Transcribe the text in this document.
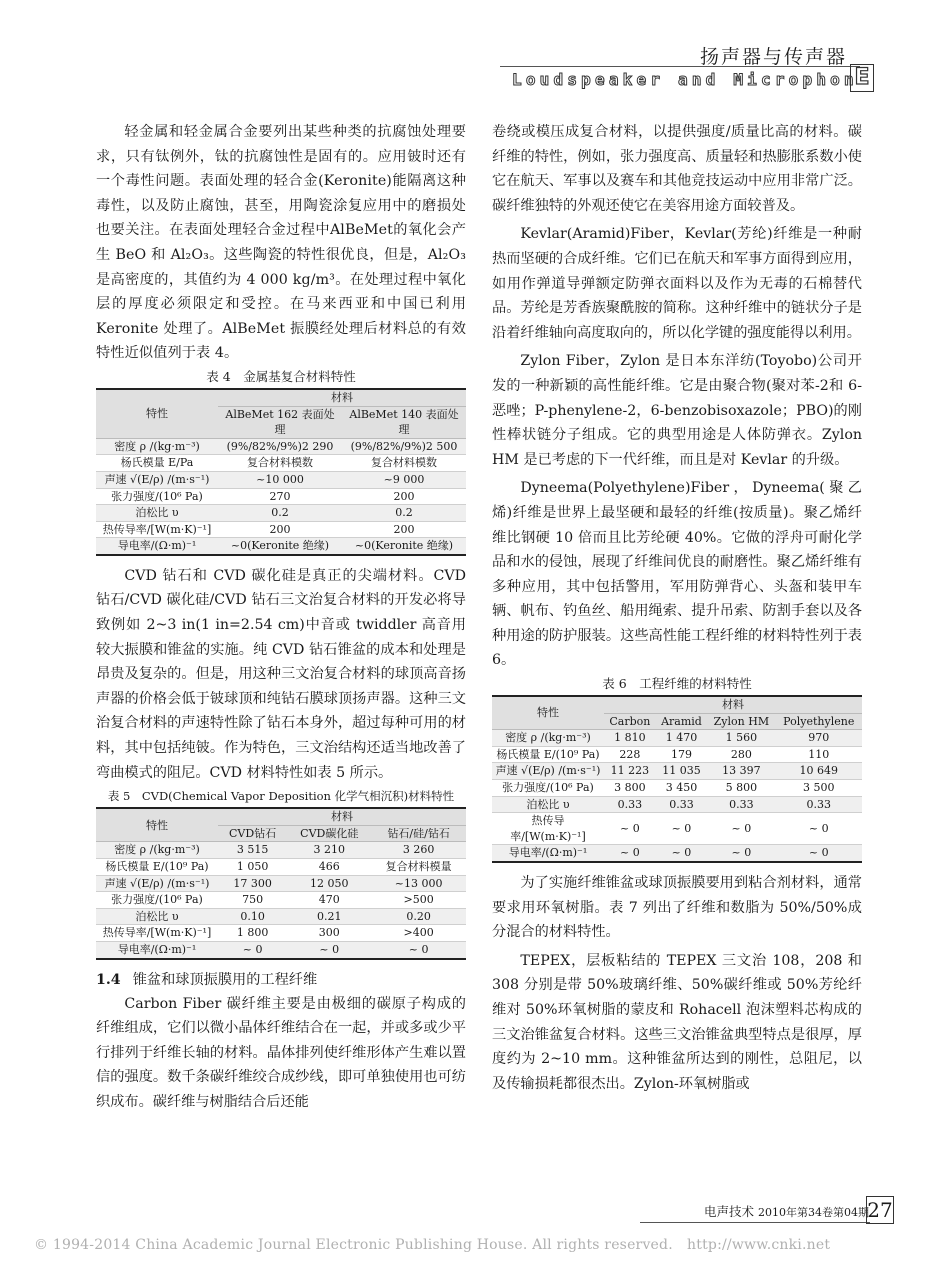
扬声器与传声器
Loudspeaker and Microphon
E

轻金属和轻金属合金要列出某些种类的抗腐蚀处理要求，只有钛例外，钛的抗腐蚀性是固有的。应用铍时还有一个毒性问题。表面处理的轻合金(Keronite)能隔离这种毒性，以及防止腐蚀，甚至，用陶瓷涂复应用中的磨损处也要关注。在表面处理轻合金过程中AlBeMet的氧化会产生 BeO 和 Al₂O₃。这些陶瓷的特性很优良，但是，Al₂O₃ 是高密度的，其值约为 4 000 kg/m³。在处理过程中氧化层的厚度必须限定和受控。在马来西亚和中国已利用 Keronite 处理了。AlBeMet 振膜经处理后材料总的有效特性近似值列于表 4。

表 4　金属基复合材料特性
特性	材料	
	AlBeMet 162 表面处理	AlBeMet 140 表面处理
密度 ρ /(kg·m⁻³)	(9%/82%/9%)2 290	(9%/82%/9%)2 500
杨氏模量 E/Pa	复合材料模数	复合材料模数
声速 √(E/ρ) /(m·s⁻¹)	~10 000	~9 000
张力强度/(10⁶ Pa)	270	200
泊松比 υ	0.2	0.2
热传导率/[W(m·K)⁻¹]	200	200
导电率/(Ω·m)⁻¹	~0(Keronite 绝缘)	~0(Keronite 绝缘)

CVD 钻石和 CVD 碳化硅是真正的尖端材料。CVD 钻石/CVD 碳化硅/CVD 钻石三文治复合材料的开发必将导致例如 2~3 in(1 in=2.54 cm)中音或 twiddler 高音用较大振膜和锥盆的实施。纯 CVD 钻石锥盆的成本和处理是昂贵及复杂的。但是，用这种三文治复合材料的球顶高音扬声器的价格会低于铍球顶和纯钻石膜球顶扬声器。这种三文治复合材料的声速特性除了钻石本身外，超过每种可用的材料，其中包括纯铍。作为特色，三文治结构还适当地改善了弯曲模式的阻尼。CVD 材料特性如表 5 所示。

表 5　CVD(Chemical Vapor Deposition 化学气相沉积)材料特性
特性	材料		
	CVD钻石	CVD碳化硅	钻石/硅/钻石
密度 ρ /(kg·m⁻³)	3 515	3 210	3 260
杨氏模量 E/(10⁹ Pa)	1 050	466	复合材料模量
声速 √(E/ρ) /(m·s⁻¹)	17 300	12 050	~13 000
张力强度/(10⁶ Pa)	750	470	>500
泊松比 υ	0.10	0.21	0.20
热传导率/[W(m·K)⁻¹]	1 800	300	>400
导电率/(Ω·m)⁻¹	~ 0	~ 0	~ 0
1.4 锥盆和球顶振膜用的工程纤维

Carbon Fiber 碳纤维主要是由极细的碳原子构成的纤维组成，它们以微小晶体纤维结合在一起，并或多或少平行排列于纤维长轴的材料。晶体排列使纤维形体产生难以置信的强度。数千条碳纤维绞合成纱线，即可单独使用也可纺织成布。碳纤维与树脂结合后还能

卷绕或模压成复合材料，以提供强度/质量比高的材料。碳纤维的特性，例如，张力强度高、质量轻和热膨胀系数小使它在航天、军事以及赛车和其他竞技运动中应用非常广泛。碳纤维独特的外观还使它在美容用途方面较普及。

Kevlar(Aramid)Fiber，Kevlar(芳纶)纤维是一种耐热而坚硬的合成纤维。它们已在航天和军事方面得到应用，如用作弹道导弹额定防弹衣面料以及作为无毒的石棉替代品。芳纶是芳香族聚酰胺的简称。这种纤维中的链状分子是沿着纤维轴向高度取向的，所以化学键的强度能得以利用。

Zylon Fiber，Zylon 是日本东洋纺(Toyobo)公司开发的一种新颖的高性能纤维。它是由聚合物(聚对苯-2和 6-恶唑；P-phenylene-2，6-benzobisoxazole；PBO)的刚性棒状链分子组成。它的典型用途是人体防弹衣。Zylon HM 是已考虑的下一代纤维，而且是对 Kevlar 的升级。

Dyneema(Polyethylene)Fiber，Dyneema(聚乙烯)纤维是世界上最坚硬和最轻的纤维(按质量)。聚乙烯纤维比钢硬 10 倍而且比芳纶硬 40%。它做的浮舟可耐化学品和水的侵蚀，展现了纤维间优良的耐磨性。聚乙烯纤维有多种应用，其中包括警用，军用防弹背心、头盔和装甲车辆、帆布、钓鱼丝、船用绳索、提升吊索、防割手套以及各种用途的防护服装。这些高性能工程纤维的材料特性列于表 6。

表 6　工程纤维的材料特性
特性	材料			
	Carbon	Aramid	Zylon HM	Polyethylene
密度 ρ /(kg·m⁻³)	1 810	1 470	1 560	970
杨氏模量 E/(10⁹ Pa)	228	179	280	110
声速 √(E/ρ) /(m·s⁻¹)	11 223	11 035	13 397	10 649
张力强度/(10⁶ Pa)	3 800	3 450	5 800	3 500
泊松比 υ	0.33	0.33	0.33	0.33
热传导率/[W(m·K)⁻¹]	~ 0	~ 0	~ 0	~ 0
导电率/(Ω·m)⁻¹	~ 0	~ 0	~ 0	~ 0

为了实施纤维锥盆或球顶振膜要用到粘合剂材料，通常要求用环氧树脂。表 7 列出了纤维和数脂为 50%/50%成分混合的材料特性。

TEPEX，层板粘结的 TEPEX 三文治 108，208 和 308 分别是带 50%玻璃纤维、50%碳纤维或 50%芳纶纤维对 50%环氧树脂的蒙皮和 Rohacell 泡沫塑料芯构成的三文治锥盆复合材料。这些三文治锥盆典型特点是很厚，厚度约为 2~10 mm。这种锥盆所达到的刚性，总阻尼，以及传输损耗都很杰出。Zylon-环氧树脂或

电声技术 2010年第34卷第04期
27
© 1994-2014 China Academic Journal Electronic Publishing House. All rights reserved.　http://www.cnki.net
